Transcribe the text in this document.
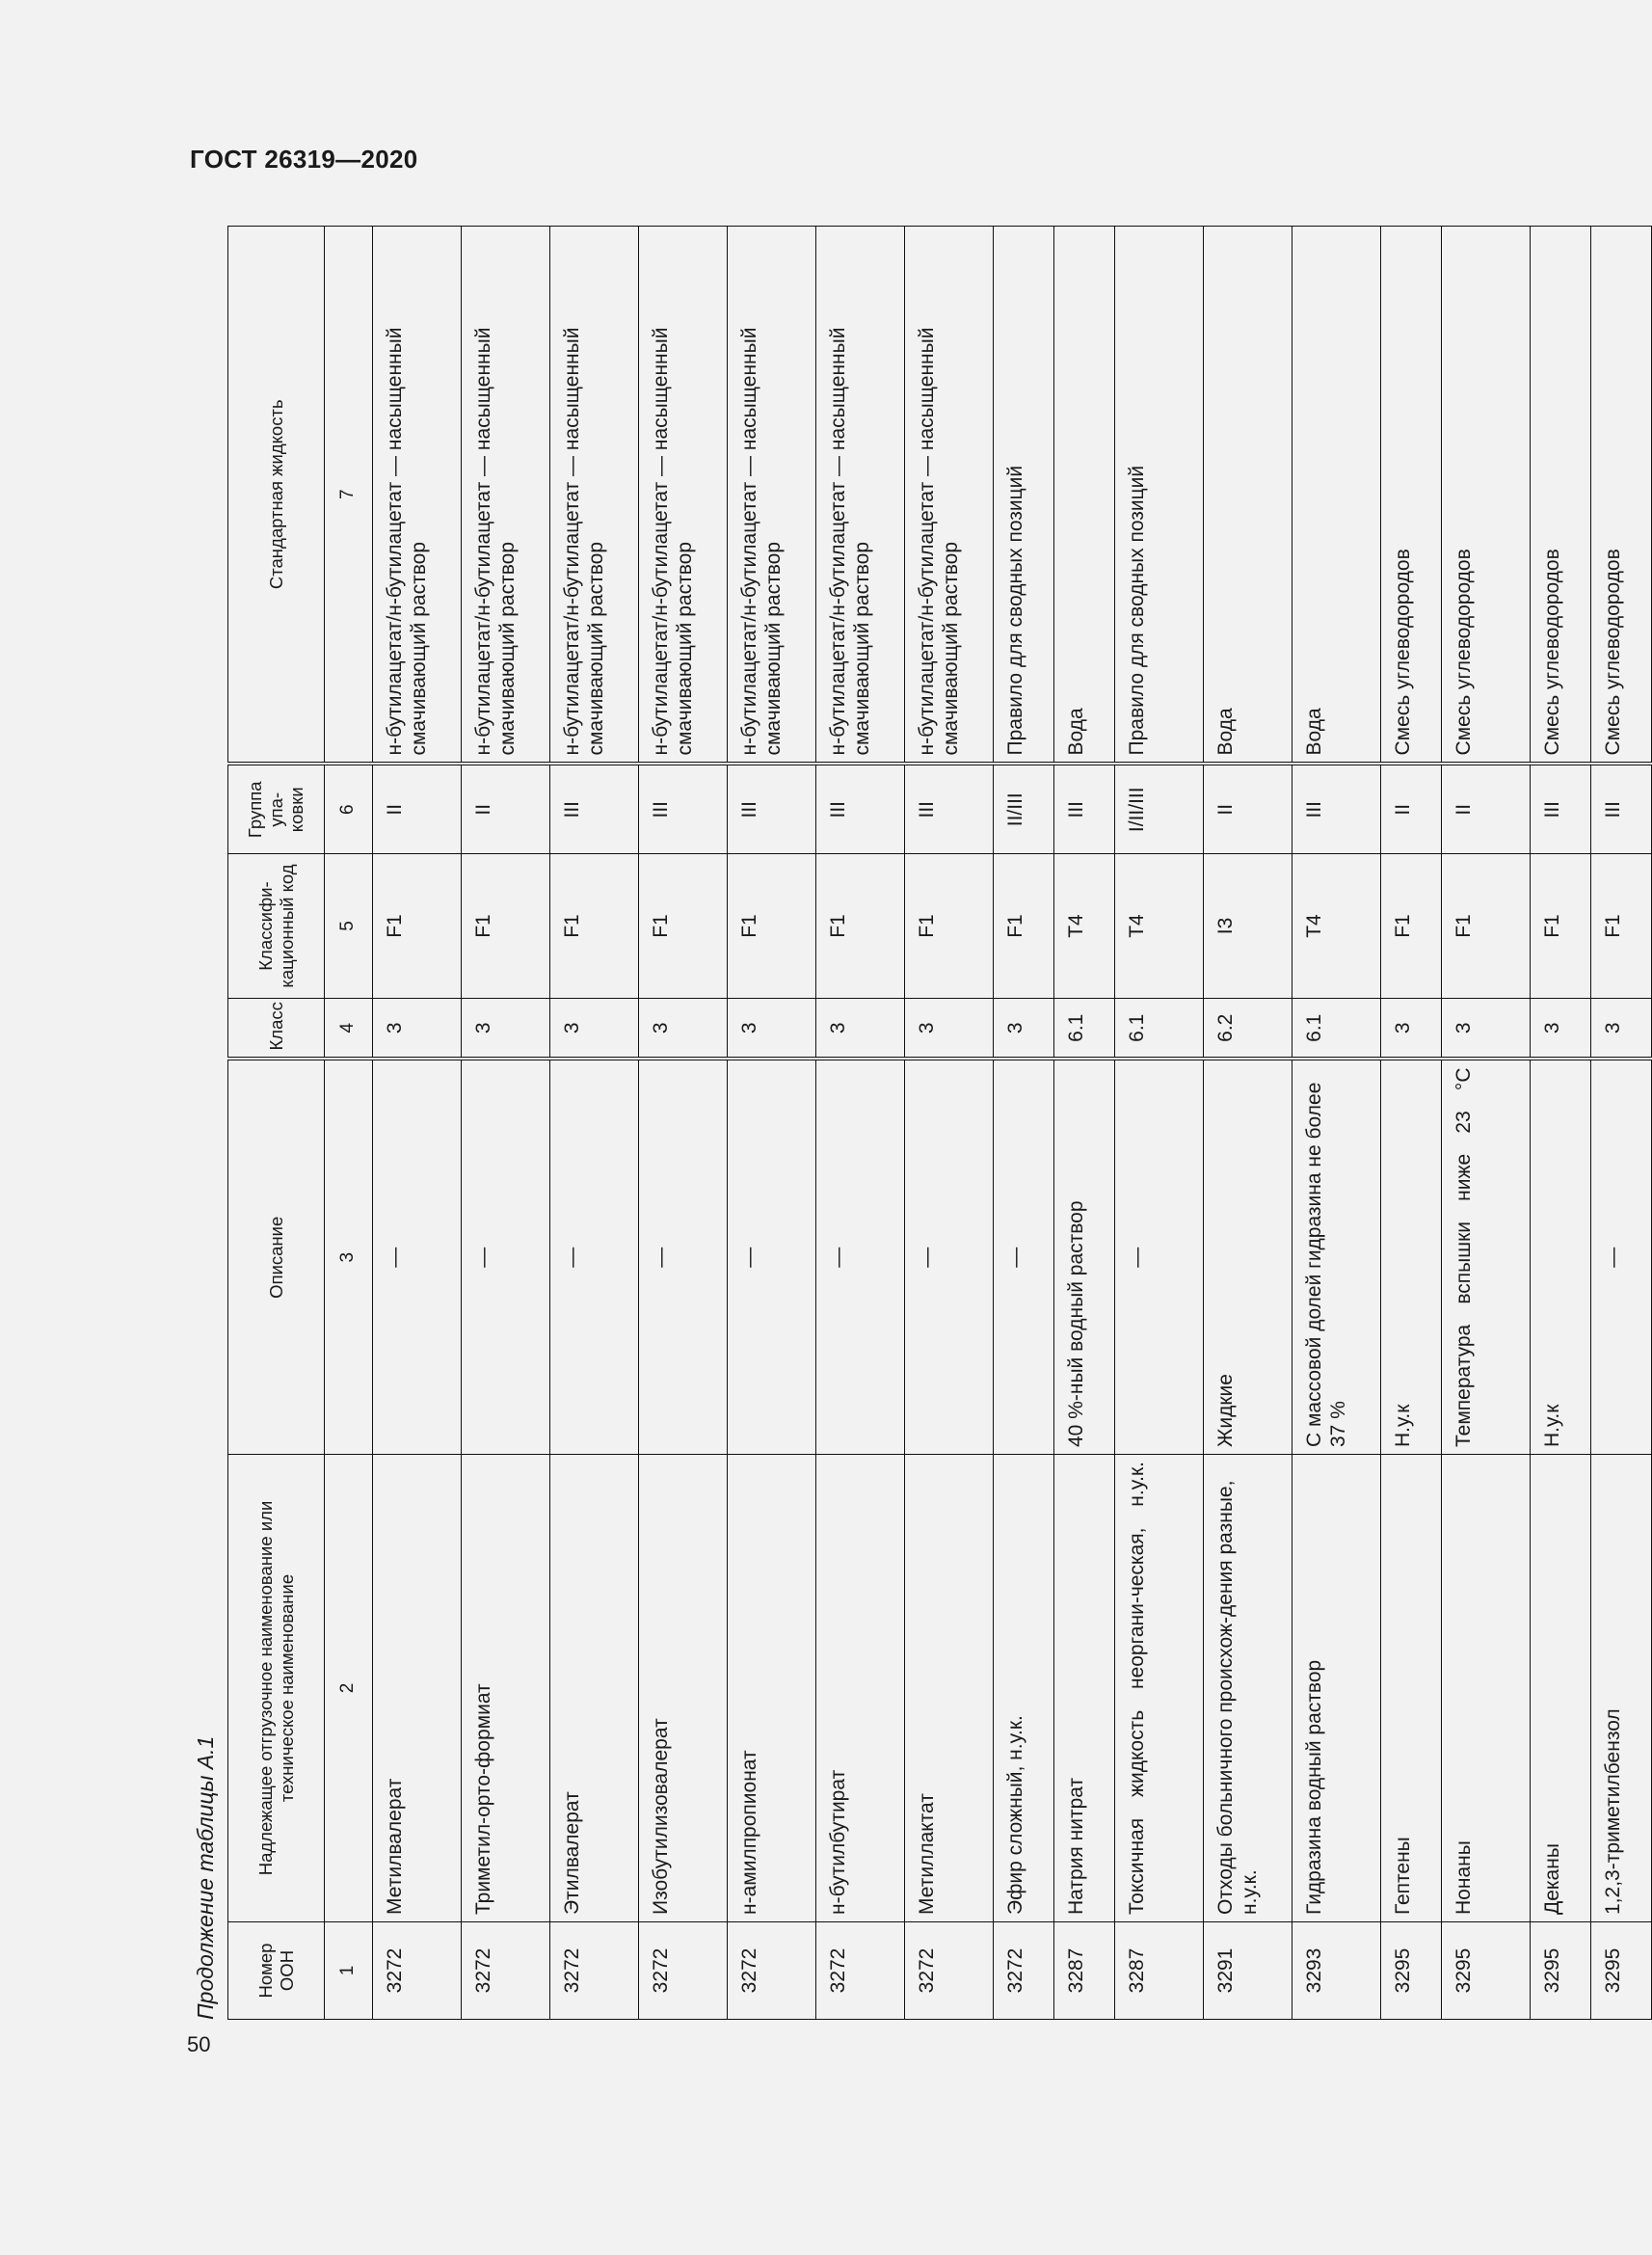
ГОСТ 26319—2020
50
Продолжение таблицы А.1 Номер ООН	Надлежащее отгрузочное наименование или техническое наименование	Описание	Класс	Классифи-кационный код	Группа упа-ковки	Стандартная жидкость
1	2	3	4	5	6	7
3272	Метилвалерат	—	3	F1	II	н-бутилацетат/н-бутилацетат — насыщенный смачивающий раствор
3272	Триметил-орто-формиат	—	3	F1	II	н-бутилацетат/н-бутилацетат — насыщенный смачивающий раствор
3272	Этилвалерат	—	3	F1	III	н-бутилацетат/н-бутилацетат — насыщенный смачивающий раствор
3272	Изобутилизовалерат	—	3	F1	III	н-бутилацетат/н-бутилацетат — насыщенный смачивающий раствор
3272	н-амилпропионат	—	3	F1	III	н-бутилацетат/н-бутилацетат — насыщенный смачивающий раствор
3272	н-бутилбутират	—	3	F1	III	н-бутилацетат/н-бутилацетат — насыщенный смачивающий раствор
3272	Метиллактат	—	3	F1	III	н-бутилацетат/н-бутилацетат — насыщенный смачивающий раствор
3272	Эфир сложный, н.у.к.	—	3	F1	II/III	Правило для сводных позиций
3287	Натрия нитрат	40 %-ный водный раствор	6.1	T4	III	Вода
3287	Токсичная жидкость неоргани-ческая, н.у.к.	—	6.1	T4	I/II/III	Правило для сводных позиций
3291	Отходы больничного происхож-дения разные, н.у.к.	Жидкие	6.2	I3	II	Вода
3293	Гидразина водный раствор	С массовой долей гидразина не более 37 %	6.1	T4	III	Вода
3295	Гептены	Н.у.к	3	F1	II	Смесь углеводородов
3295	Нонаны	Температура вспышки ниже 23 °C	3	F1	II	Смесь углеводородов
3295	Деканы	Н.у.к	3	F1	III	Смесь углеводородов
3295	1,2,3-триметилбензол	—	3	F1	III	Смесь углеводородов
